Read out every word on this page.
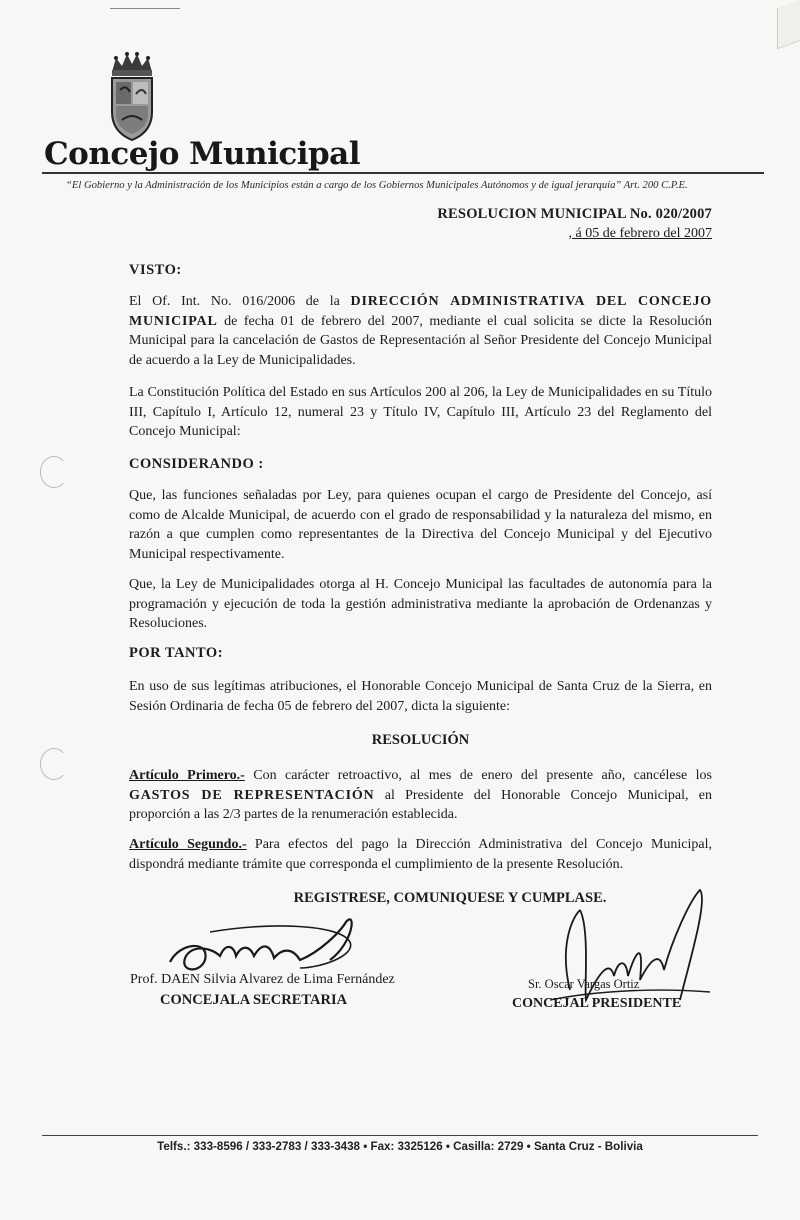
Concejo Municipal
“El Gobierno y la Administración de los Municipios están a cargo de los Gobiernos Municipales Autónomos y de igual jerarquía” Art. 200 C.P.E.
RESOLUCION MUNICIPAL No. 020/2007
, á 05 de febrero del 2007
VISTO:
El Of. Int. No. 016/2006 de la DIRECCIÓN ADMINISTRATIVA DEL CONCEJO MUNICIPAL de fecha 01 de febrero del 2007, mediante el cual solicita se dicte la Resolución Municipal para la cancelación de Gastos de Representación al Señor Presidente del Concejo Municipal de acuerdo a la Ley de Municipalidades.
La Constitución Política del Estado en sus Artículos 200 al 206, la Ley de Municipalidades en su Título III, Capítulo I, Artículo 12, numeral 23 y Título IV, Capítulo III, Artículo 23 del Reglamento del Concejo Municipal:
CONSIDERANDO :
Que, las funciones señaladas por Ley, para quienes ocupan el cargo de Presidente del Concejo, así como de Alcalde Municipal, de acuerdo con el grado de responsabilidad y la naturaleza del mismo, en razón a que cumplen como representantes de la Directiva del Concejo Municipal y del Ejecutivo Municipal respectivamente.
Que, la Ley de Municipalidades otorga al H. Concejo Municipal las facultades de autonomía para la programación y ejecución de toda la gestión administrativa mediante la aprobación de Ordenanzas y Resoluciones.
POR TANTO:
En uso de sus legítimas atribuciones, el Honorable Concejo Municipal de Santa Cruz de la Sierra, en Sesión Ordinaria de fecha 05 de febrero del 2007, dicta la siguiente:
RESOLUCIÓN
Artículo Primero.- Con carácter retroactivo, al mes de enero del presente año, cancélese los GASTOS DE REPRESENTACIÓN al Presidente del Honorable Concejo Municipal, en proporción a las 2/3 partes de la renumeración establecida.
Artículo Segundo.- Para efectos del pago la Dirección Administrativa del Concejo Municipal, dispondrá mediante trámite que corresponda el cumplimiento de la presente Resolución.
REGISTRESE, COMUNIQUESE Y CUMPLASE.
Prof. DAEN Silvia Alvarez de Lima Fernández
CONCEJALA SECRETARIA
Sr. Oscar Vargas Ortiz
CONCEJAL PRESIDENTE
Telfs.: 333-8596 / 333-2783 / 333-3438 • Fax: 3325126 • Casilla: 2729 • Santa Cruz - Bolivia
